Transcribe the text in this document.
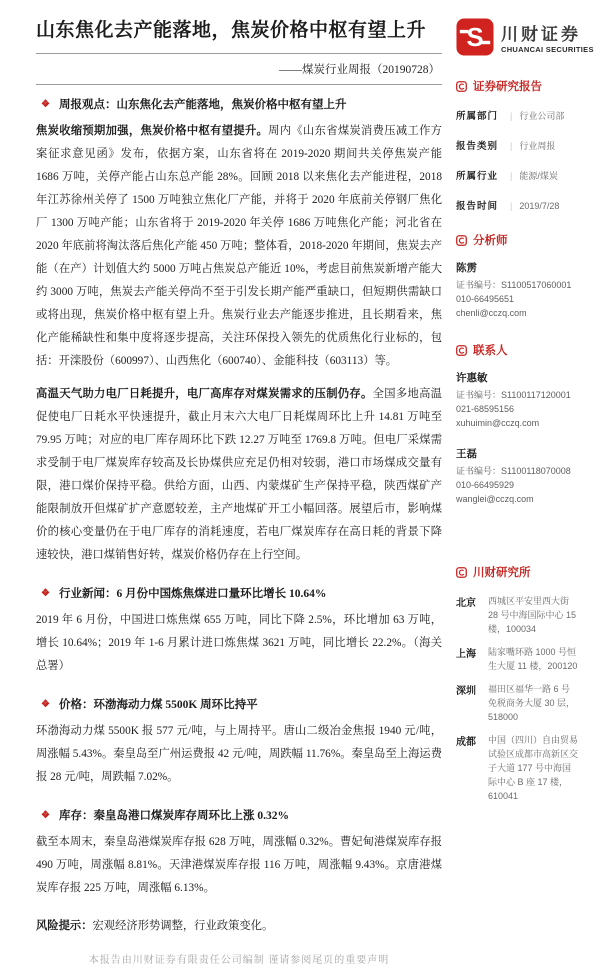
山东焦化去产能落地，焦炭价格中枢有望上升
——煤炭行业周报（20190728）
❖ 周报观点：山东焦化去产能落地，焦炭价格中枢有望上升
焦炭收缩预期加强，焦炭价格中枢有望提升。周内《山东省煤炭消费压减工作方案征求意见函》发布，依据方案，山东省将在 2019-2020 期间共关停焦炭产能 1686 万吨，关停产能占山东总产能 28%。回顾 2018 以来焦化去产能进程，2018 年江苏徐州关停了 1500 万吨独立焦化厂产能，并将于 2020 年底前关停钢厂焦化厂 1300 万吨产能；山东省将于 2019-2020 年关停 1686 万吨焦化产能；河北省在 2020 年底前将淘汰落后焦化产能 450 万吨；整体看，2018-2020 年期间，焦炭去产能（在产）计划值大约 5000 万吨占焦炭总产能近 10%，考虑目前焦炭新增产能大约 3000 万吨，焦炭去产能关停尚不至于引发长期产能严重缺口，但短期供需缺口或将出现，焦炭价格中枢有望上升。焦炭行业去产能逐步推进，且长期看来，焦化产能稀缺性和集中度将逐步提高，关注环保投入领先的优质焦化行业标的，包括：开滦股份（600997）、山西焦化（600740）、金能科技（603113）等。
高温天气助力电厂日耗提升，电厂高库存对煤炭需求的压制仍存。全国多地高温促使电厂日耗水平快速提升，截止月末六大电厂日耗煤周环比上升 14.81 万吨至 79.95 万吨；对应的电厂库存周环比下跌 12.27 万吨至 1769.8 万吨。但电厂采煤需求受制于电厂煤炭库存较高及长协煤供应充足仍相对较弱，港口市场煤成交量有限，港口煤价保持平稳。供给方面，山西、内蒙煤矿生产保持平稳，陕西煤矿产能限制放开但煤矿扩产意愿较差，主产地煤矿开工小幅回落。展望后市，影响煤价的核心变量仍在于电厂库存的消耗速度，若电厂煤炭库存在高日耗的背景下降速较快，港口煤销售好转，煤炭价格仍存在上行空间。
❖ 行业新闻：6 月份中国炼焦煤进口量环比增长 10.64%
2019 年 6 月份，中国进口炼焦煤 655 万吨，同比下降 2.5%，环比增加 63 万吨，增长 10.64%；2019 年 1-6 月累计进口炼焦煤 3621 万吨，同比增长 22.2%。（海关总署）
❖ 价格：环渤海动力煤 5500K 周环比持平
环渤海动力煤 5500K 报 577 元/吨，与上周持平。唐山二级冶金焦报 1940 元/吨，周涨幅 5.43%。秦皇岛至广州运费报 42 元/吨，周跌幅 11.76%。秦皇岛至上海运费报 28 元/吨，周跌幅 7.02%。
❖ 库存：秦皇岛港口煤炭库存周环比上涨 0.32%
截至本周末，秦皇岛港煤炭库存报 628 万吨，周涨幅 0.32%。曹妃甸港煤炭库存报 490 万吨，周涨幅 8.81%。天津港煤炭库存报 116 万吨，周涨幅 9.43%。京唐港煤炭库存报 225 万吨，周涨幅 6.13%。
风险提示：宏观经济形势调整，行业政策变化。
本报告由川财证券有限责任公司编制 谨请参阅尾页的重要声明
S 川财证券
CHUANCAI SECURITIES
证券研究报告
所属部门	| 行业公司部
报告类别	| 行业周报
所属行业	| 能源/煤炭
报告时间	| 2019/7/28
分析师
陈雳
证书编号：S1100517060001
010-66495651
chenli@cczq.com
联系人
许惠敏
证书编号：S1100117120001
021-68595156
xuhuimin@cczq.com
王磊
证书编号：S1100118070008
010-66495929
wanglei@cczq.com
川财研究所
北京	西城区平安里西大街 28 号中海国际中心 15 楼，100034
上海	陆家嘴环路 1000 号恒生大厦 11 楼，200120
深圳	福田区福华一路 6 号免税商务大厦 30 层，518000
成都	中国（四川）自由贸易试验区成都市高新区交子大道 177 号中海国际中心 B 座 17 楼，610041
